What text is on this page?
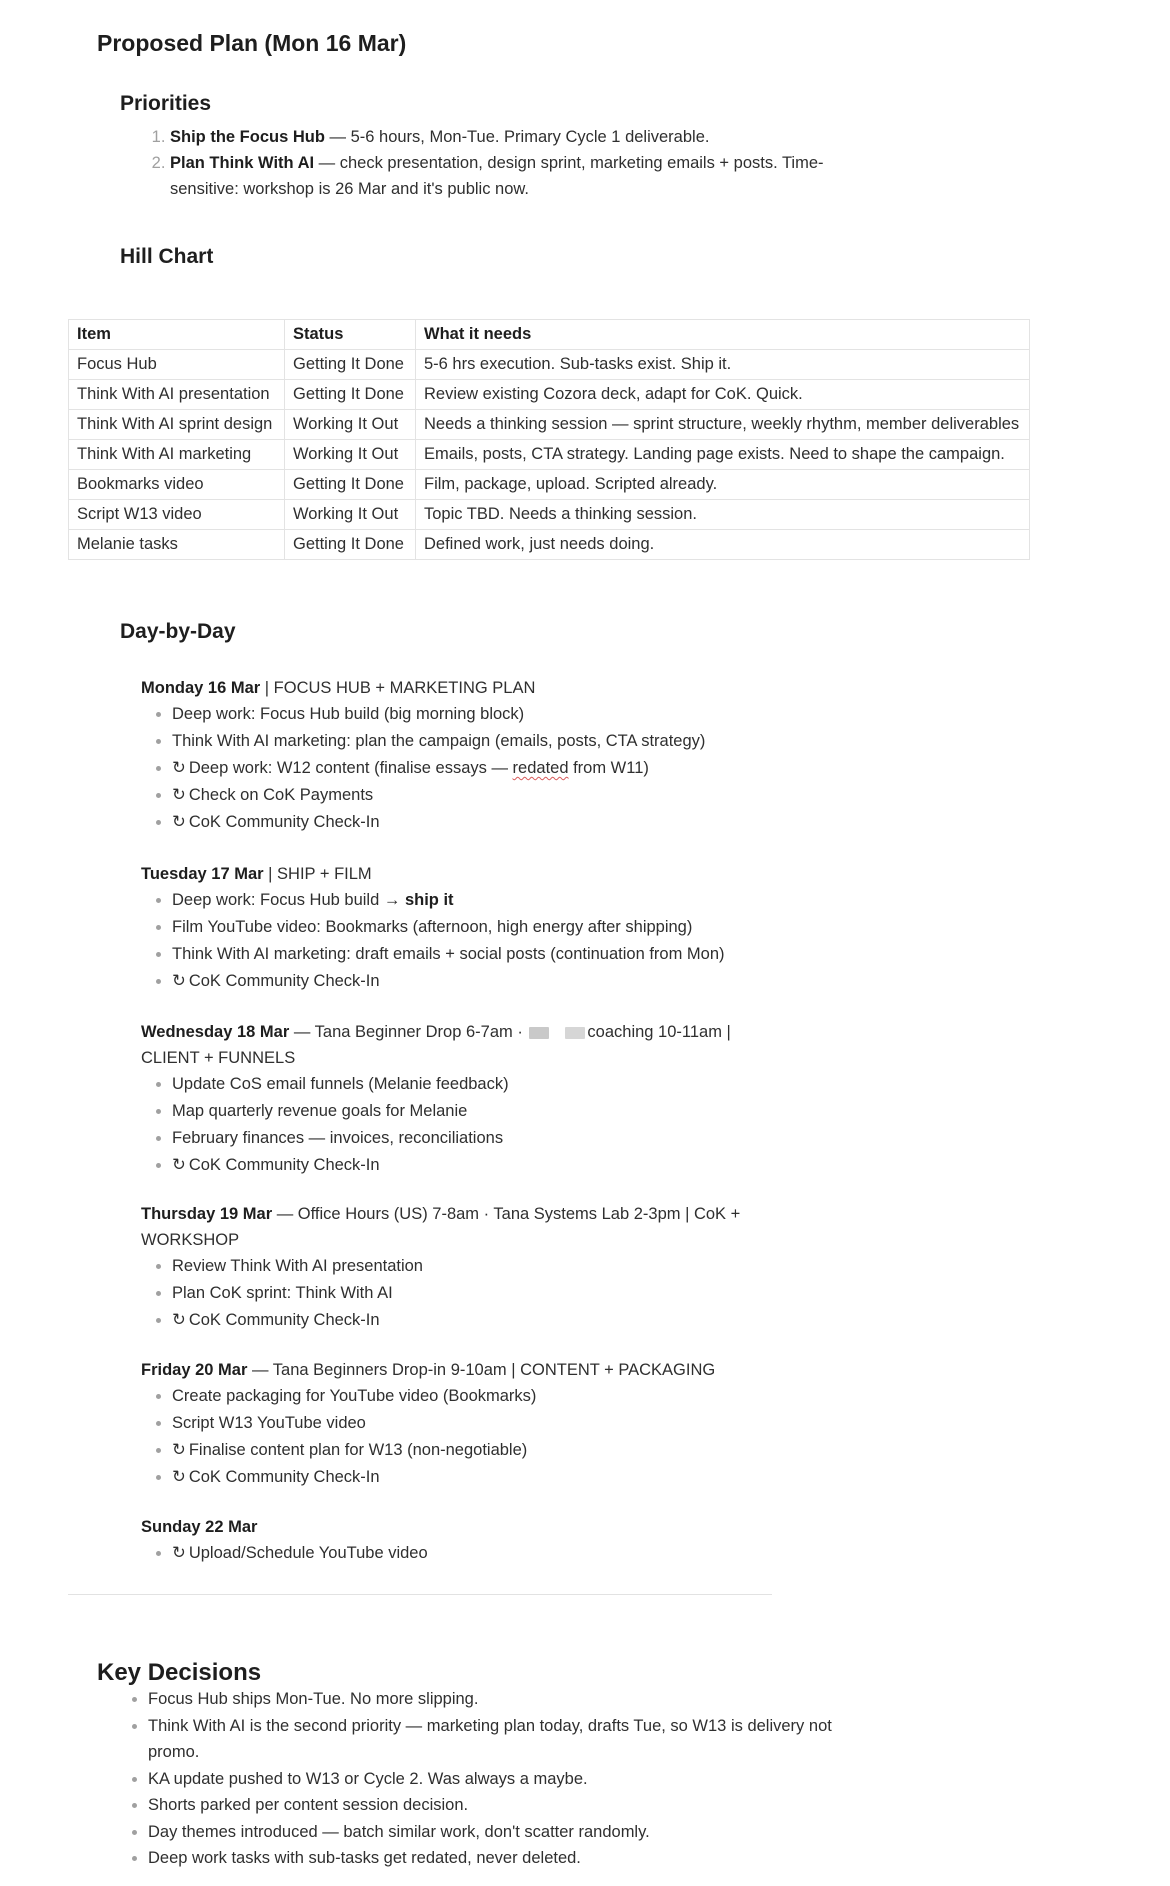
Proposed Plan (Mon 16 Mar)
Priorities
1. Ship the Focus Hub — 5-6 hours, Mon-Tue. Primary Cycle 1 deliverable.
2. Plan Think With AI — check presentation, design sprint, marketing emails + posts. Time-sensitive: workshop is 26 Mar and it's public now.
Hill Chart
Item	Status	What it needs
Focus Hub	Getting It Done	5-6 hrs execution. Sub-tasks exist. Ship it.
Think With AI presentation	Getting It Done	Review existing Cozora deck, adapt for CoK. Quick.
Think With AI sprint design	Working It Out	Needs a thinking session — sprint structure, weekly rhythm, member deliverables
Think With AI marketing	Working It Out	Emails, posts, CTA strategy. Landing page exists. Need to shape the campaign.
Bookmarks video	Getting It Done	Film, package, upload. Scripted already.
Script W13 video	Working It Out	Topic TBD. Needs a thinking session.
Melanie tasks	Getting It Done	Defined work, just needs doing.
Day-by-Day
Monday 16 Mar | FOCUS HUB + MARKETING PLAN
• Deep work: Focus Hub build (big morning block)
• Think With AI marketing: plan the campaign (emails, posts, CTA strategy)
• ↻ Deep work: W12 content (finalise essays — redated from W11)
• ↻ Check on CoK Payments
• ↻ CoK Community Check-In
Tuesday 17 Mar | SHIP + FILM
• Deep work: Focus Hub build → ship it
• Film YouTube video: Bookmarks (afternoon, high energy after shipping)
• Think With AI marketing: draft emails + social posts (continuation from Mon)
• ↻ CoK Community Check-In
Wednesday 18 Mar — Tana Beginner Drop 6-7am ·	coaching 10-11am | CLIENT + FUNNELS
• Update CoS email funnels (Melanie feedback)
• Map quarterly revenue goals for Melanie
• February finances — invoices, reconciliations
• ↻ CoK Community Check-In
Thursday 19 Mar — Office Hours (US) 7-8am · Tana Systems Lab 2-3pm | CoK + WORKSHOP
• Review Think With AI presentation
• Plan CoK sprint: Think With AI
• ↻ CoK Community Check-In
Friday 20 Mar — Tana Beginners Drop-in 9-10am | CONTENT + PACKAGING
• Create packaging for YouTube video (Bookmarks)
• Script W13 YouTube video
• ↻ Finalise content plan for W13 (non-negotiable)
• ↻ CoK Community Check-In
Sunday 22 Mar
• ↻ Upload/Schedule YouTube video
Key Decisions
• Focus Hub ships Mon-Tue. No more slipping.
• Think With AI is the second priority — marketing plan today, drafts Tue, so W13 is delivery not promo.
• KA update pushed to W13 or Cycle 2. Was always a maybe.
• Shorts parked per content session decision.
• Day themes introduced — batch similar work, don't scatter randomly.
• Deep work tasks with sub-tasks get redated, never deleted.
